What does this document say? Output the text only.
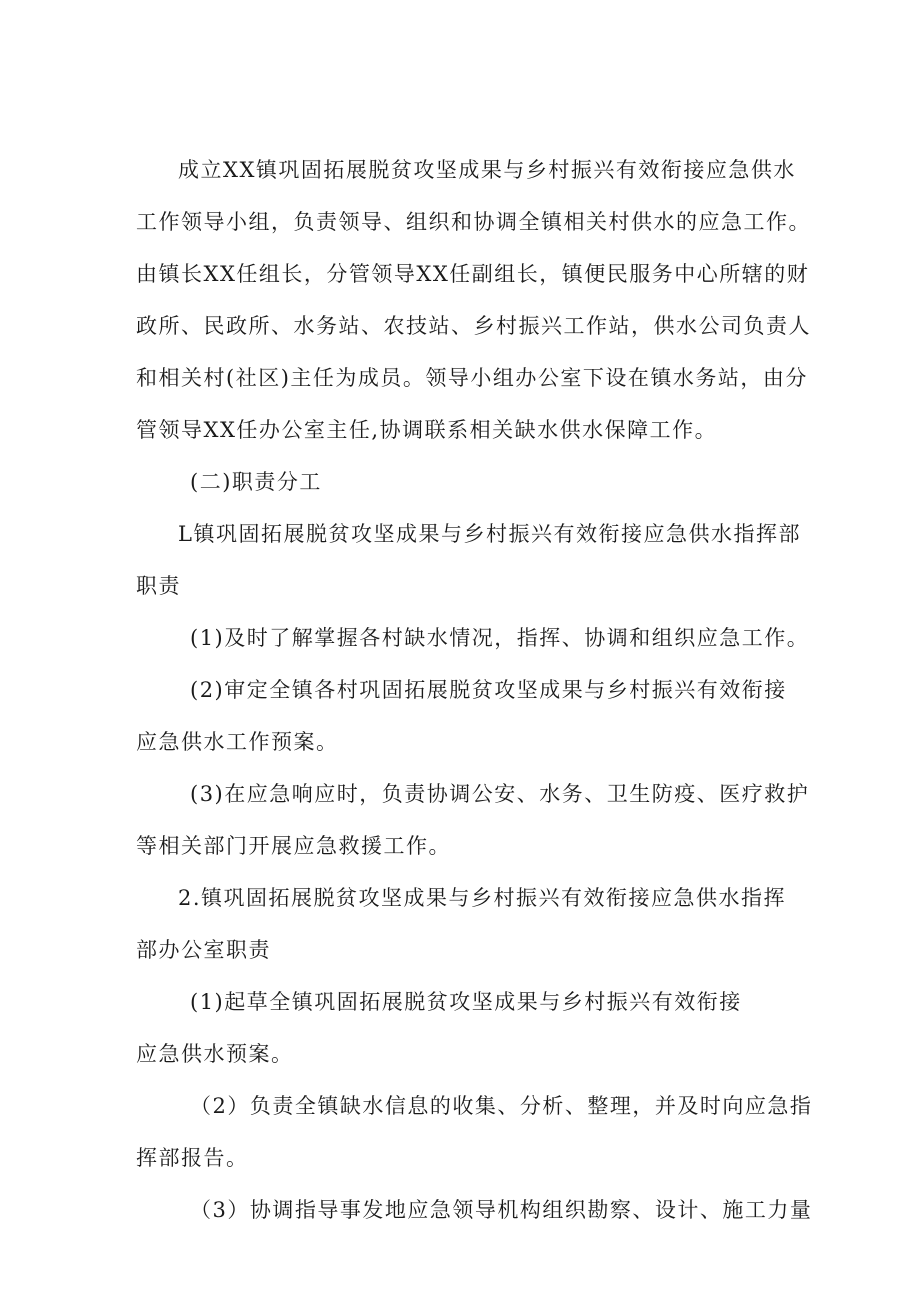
成立XX镇巩固拓展脱贫攻坚成果与乡村振兴有效衔接应急供水
工作领导小组，负责领导、组织和协调全镇相关村供水的应急工作。
由镇长XX任组长，分管领导XX任副组长，镇便民服务中心所辖的财
政所、民政所、水务站、农技站、乡村振兴工作站，供水公司负责人
和相关村(社区)主任为成员。领导小组办公室下设在镇水务站，由分
管领导XX任办公室主任,协调联系相关缺水供水保障工作。
(二)职责分工
L镇巩固拓展脱贫攻坚成果与乡村振兴有效衔接应急供水指挥部
职责
(1)及时了解掌握各村缺水情况，指挥、协调和组织应急工作。
(2)审定全镇各村巩固拓展脱贫攻坚成果与乡村振兴有效衔接
应急供水工作预案。
(3)在应急响应时，负责协调公安、水务、卫生防疫、医疗救护
等相关部门开展应急救援工作。
2.镇巩固拓展脱贫攻坚成果与乡村振兴有效衔接应急供水指挥
部办公室职责
(1)起草全镇巩固拓展脱贫攻坚成果与乡村振兴有效衔接
应急供水预案。
（2）负责全镇缺水信息的收集、分析、整理，并及时向应急指
挥部报告。
（3）协调指导事发地应急领导机构组织勘察、设计、施工力量
